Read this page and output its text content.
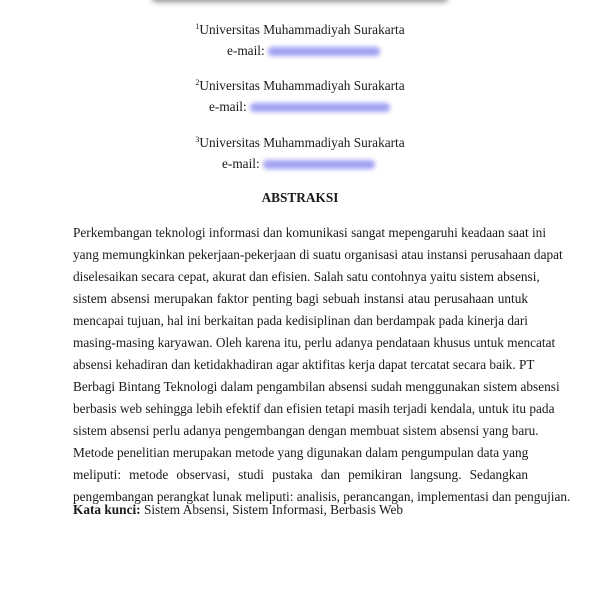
$^1$Universitas Muhammadiyah Surakarta
e-mail:
$^2$Universitas Muhammadiyah Surakarta
e-mail:
$^3$Universitas Muhammadiyah Surakarta
e-mail:
ABSTRAKSI
Perkembangan teknologi informasi dan komunikasi sangat mepengaruhi keadaan saat ini
yang memungkinkan pekerjaan-pekerjaan di suatu organisasi atau instansi perusahaan dapat
diselesaikan secara cepat, akurat dan efisien. Salah satu contohnya yaitu sistem absensi,
sistem absensi merupakan faktor penting bagi sebuah instansi atau perusahaan untuk
mencapai tujuan, hal ini berkaitan pada kedisiplinan dan berdampak pada kinerja dari
masing-masing karyawan. Oleh karena itu, perlu adanya pendataan khusus untuk mencatat
absensi kehadiran dan ketidakhadiran agar aktifitas kerja dapat tercatat secara baik. PT
Berbagi Bintang Teknologi dalam pengambilan absensi sudah menggunakan sistem absensi
berbasis web sehingga lebih efektif dan efisien tetapi masih terjadi kendala, untuk itu pada
sistem absensi perlu adanya pengembangan dengan membuat sistem absensi yang baru.
Metode penelitian merupakan metode yang digunakan dalam pengumpulan data yang
meliputi: metode observasi, studi pustaka dan pemikiran langsung. Sedangkan
pengembangan perangkat lunak meliputi: analisis, perancangan, implementasi dan pengujian.
Kata kunci: Sistem Absensi, Sistem Informasi, Berbasis Web
